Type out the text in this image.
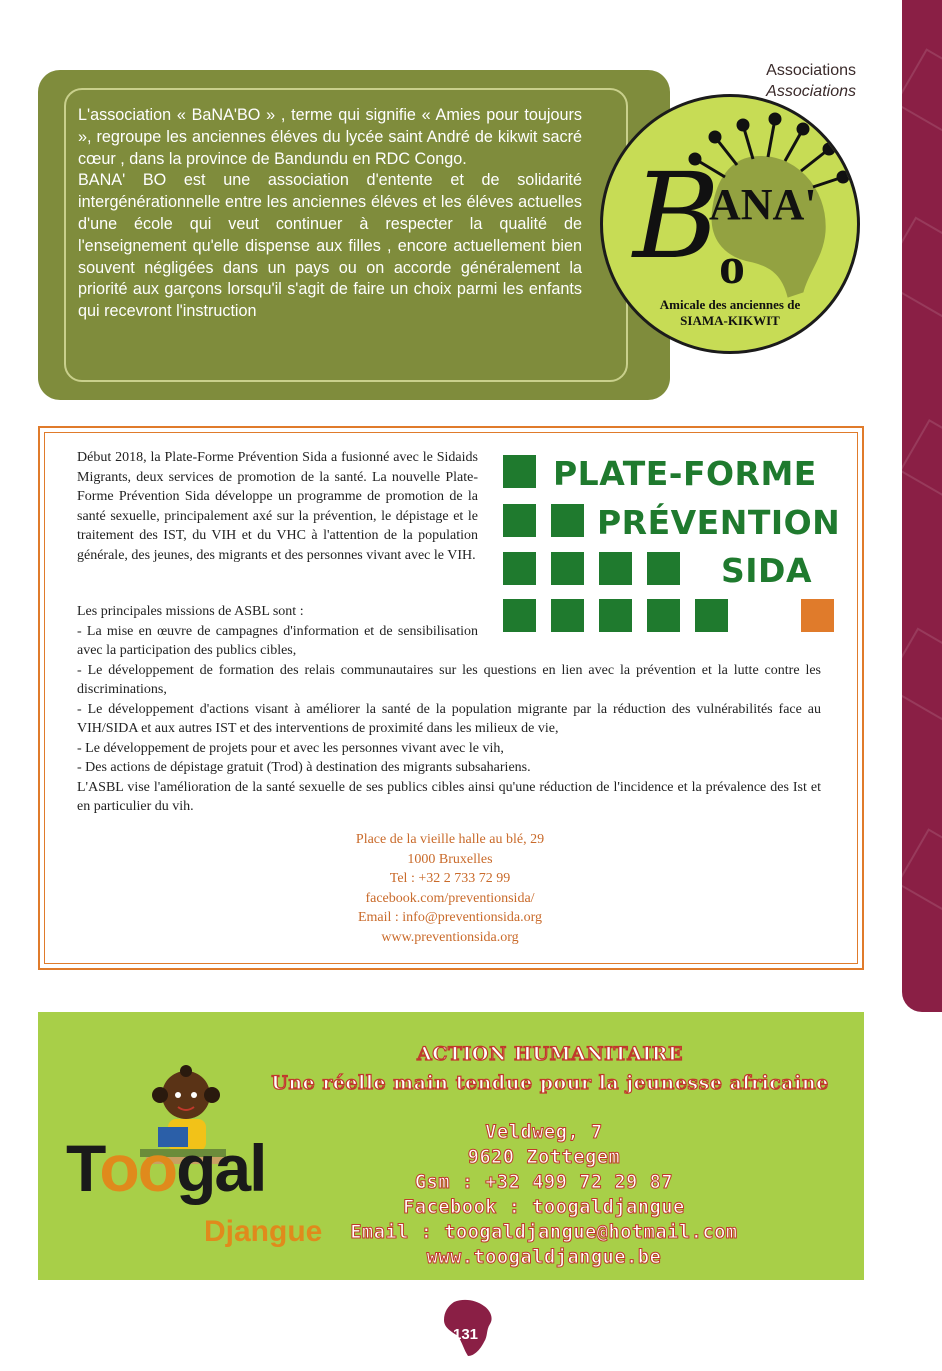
Associations
Associations

L'association « BaNA'BO » , terme qui signifie « Amies pour toujours », regroupe les anciennes éléves du lycée saint André de kikwit sacré cœur , dans la province de Bandundu en RDC Congo.

BANA' BO est une association d'entente et de solidarité intergénérationnelle entre les anciennes éléves et les éléves actuelles d'une école qui veut continuer à respecter la qualité de l'enseignement qu'elle dispense aux filles , encore actuellement bien souvent négligées dans un pays ou on accorde généralement la priorité aux garçons lorsqu'il s'agit de faire un choix parmi les enfants qui recevront l'instruction

B
ANA'
o
Amicale des anciennes de
SIAMA-KIKWIT
Début 2018, la Plate-Forme Prévention Sida a fusionné avec le Sidaids Migrants, deux services de promotion de la santé. La nouvelle Plate-Forme Prévention Sida développe un programme de promotion de la santé sexuelle, principalement axé sur la prévention, le dépistage et le traitement des IST, du VIH et du VHC à l'attention de la population générale, des jeunes, des migrants et des personnes vivant avec le VIH.
PLATE-FORME
PRÉVENTION
SIDA

Les principales missions de ASBL sont :

- La mise en œuvre de campagnes d'information et de sensibilisation avec la participation des publics cibles,

- Le développement de formation des relais communautaires sur les questions en lien avec la prévention et la lutte contre les discriminations,

- Le développement d'actions visant à améliorer la santé de la population migrante par la réduction des vulnérabilités face au VIH/SIDA et aux autres IST et des interventions de proximité dans les milieux de vie,

- Le développement de projets pour et avec les personnes vivant avec le vih,

- Des actions de dépistage gratuit (Trod) à destination des migrants subsahariens.

L'ASBL vise l'amélioration de la santé sexuelle de ses publics cibles ainsi qu'une réduction de l'incidence et la prévalence des Ist et en particulier du vih.

Place de la vieille halle au blé, 29
1000 Bruxelles
Tel : +32 2 733 72 99
facebook.com/preventionsida/
Email : info@preventionsida.org
www.preventionsida.org
Toogal
Djangue
ACTION HUMANITAIRE
Une réelle main tendue pour la jeunesse africaine
Veldweg, 7
9620 Zottegem
Gsm : +32 499 72 29 87
Facebook : toogaldjangue
Email : toogaldjangue@hotmail.com
www.toogaldjangue.be
131
